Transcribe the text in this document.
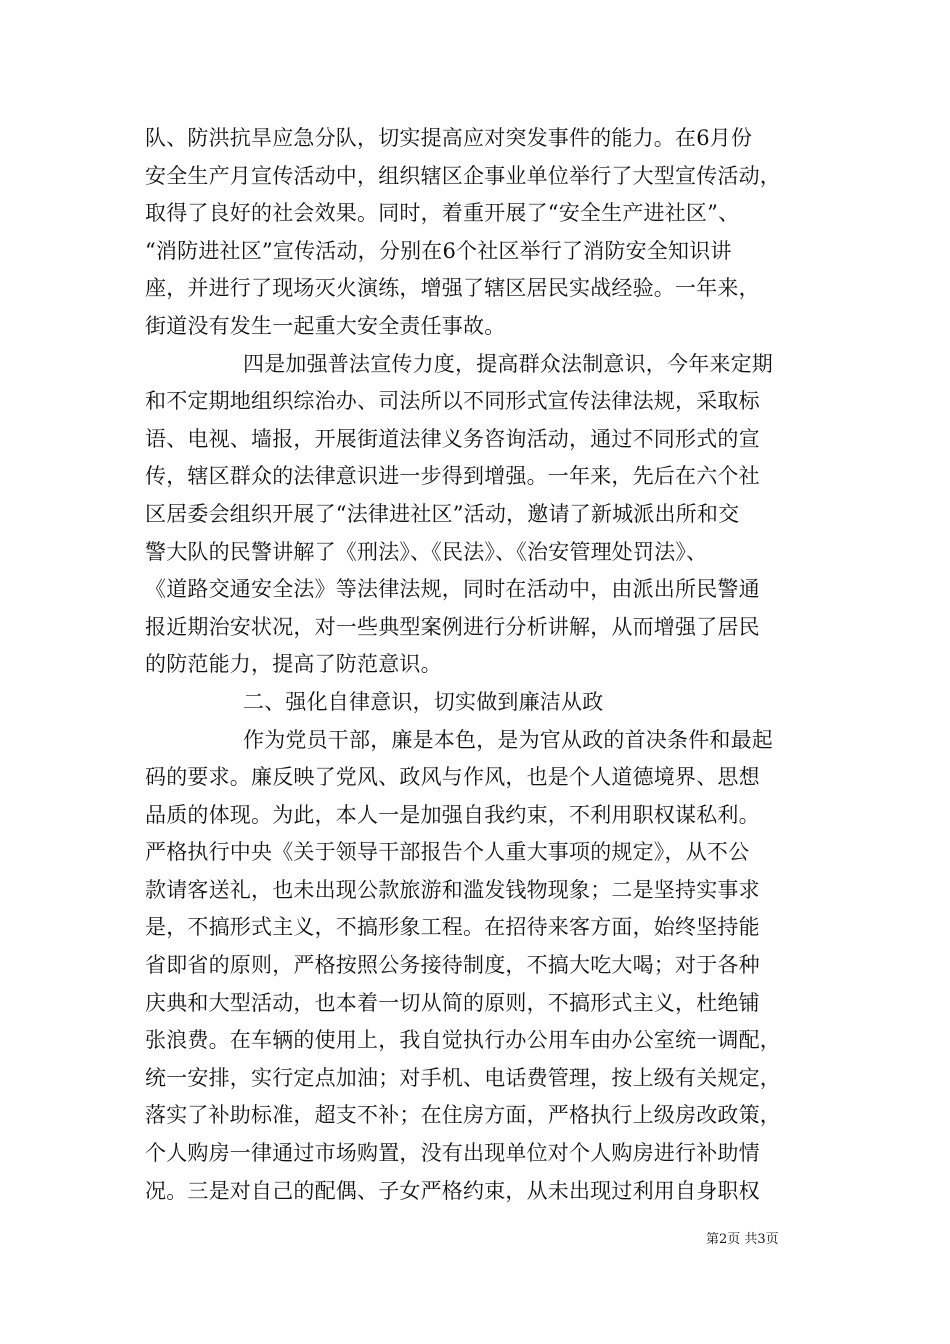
队、防洪抗旱应急分队，切实提高应对突发事件的能力。在6月份
安全生产月宣传活动中，组织辖区企事业单位举行了大型宣传活动，
取得了良好的社会效果。同时，着重开展了“安全生产进社区”、
“消防进社区”宣传活动，分别在6个社区举行了消防安全知识讲
座，并进行了现场灭火演练，增强了辖区居民实战经验。一年来，
街道没有发生一起重大安全责任事故。
四是加强普法宣传力度，提高群众法制意识，今年来定期
和不定期地组织综治办、司法所以不同形式宣传法律法规，采取标
语、电视、墙报，开展街道法律义务咨询活动，通过不同形式的宣
传，辖区群众的法律意识进一步得到增强。一年来，先后在六个社
区居委会组织开展了“法律进社区”活动，邀请了新城派出所和交
警大队的民警讲解了《刑法》、《民法》、《治安管理处罚法》、
《道路交通安全法》等法律法规，同时在活动中，由派出所民警通
报近期治安状况，对一些典型案例进行分析讲解，从而增强了居民
的防范能力，提高了防范意识。
二、强化自律意识，切实做到廉洁从政
作为党员干部，廉是本色，是为官从政的首决条件和最起
码的要求。廉反映了党风、政风与作风，也是个人道德境界、思想
品质的体现。为此，本人一是加强自我约束，不利用职权谋私利。
严格执行中央《关于领导干部报告个人重大事项的规定》，从不公
款请客送礼，也未出现公款旅游和滥发钱物现象；二是坚持实事求
是，不搞形式主义，不搞形象工程。在招待来客方面，始终坚持能
省即省的原则，严格按照公务接待制度，不搞大吃大喝；对于各种
庆典和大型活动，也本着一切从简的原则，不搞形式主义，杜绝铺
张浪费。在车辆的使用上，我自觉执行办公用车由办公室统一调配，
统一安排，实行定点加油；对手机、电话费管理，按上级有关规定，
落实了补助标准，超支不补；在住房方面，严格执行上级房改政策，
个人购房一律通过市场购置，没有出现单位对个人购房进行补助情
况。三是对自己的配偶、子女严格约束，从未出现过利用自身职权
第2页 共3页
